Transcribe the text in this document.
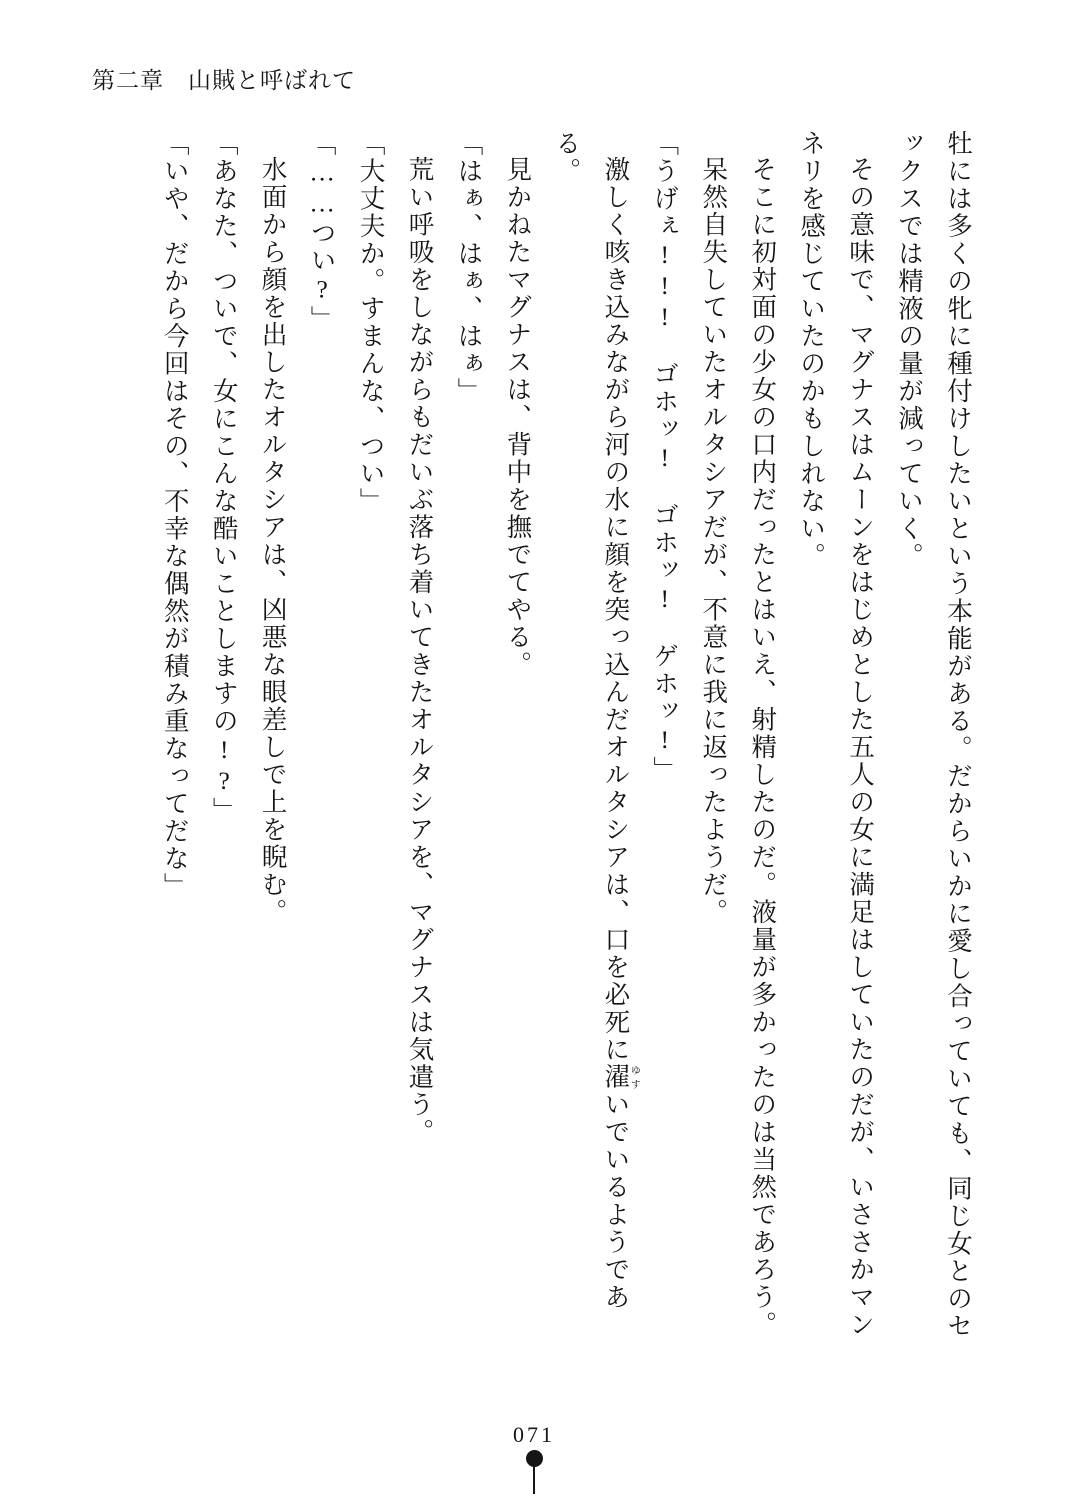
第二章　山賊と呼ばれて

牡には多くの牝に種付けしたいという本能がある。だからいかに愛し合っていても、同じ女とのセックスでは精液の量が減っていく。

その意味で、マグナスはムーンをはじめとした五人の女に満足はしていたのだが、いささかマンネリを感じていたのかもしれない。

そこに初対面の少女の口内だったとはいえ、射精したのだ。液量が多かったのは当然であろう。

呆然自失していたオルタシアだが、不意に我に返ったようだ。

「うげぇ!!!　ゴホッ!　ゴホッ!　ゲホッ!」

激しく咳き込みながら河の水に顔を突っ込んだオルタシアは、口を必死に濯ゆすいでいるようである。

見かねたマグナスは、背中を撫でてやる。

「はぁ、はぁ、はぁ」

荒い呼吸をしながらもだいぶ落ち着いてきたオルタシアを、マグナスは気遣う。

「大丈夫か。すまんな、つい」

「……つい?」

水面から顔を出したオルタシアは、凶悪な眼差しで上を睨む。

「あなた、ついで、女にこんな酷いことしますの!?」

「いや、だから今回はその、不幸な偶然が積み重なってだな」

071
